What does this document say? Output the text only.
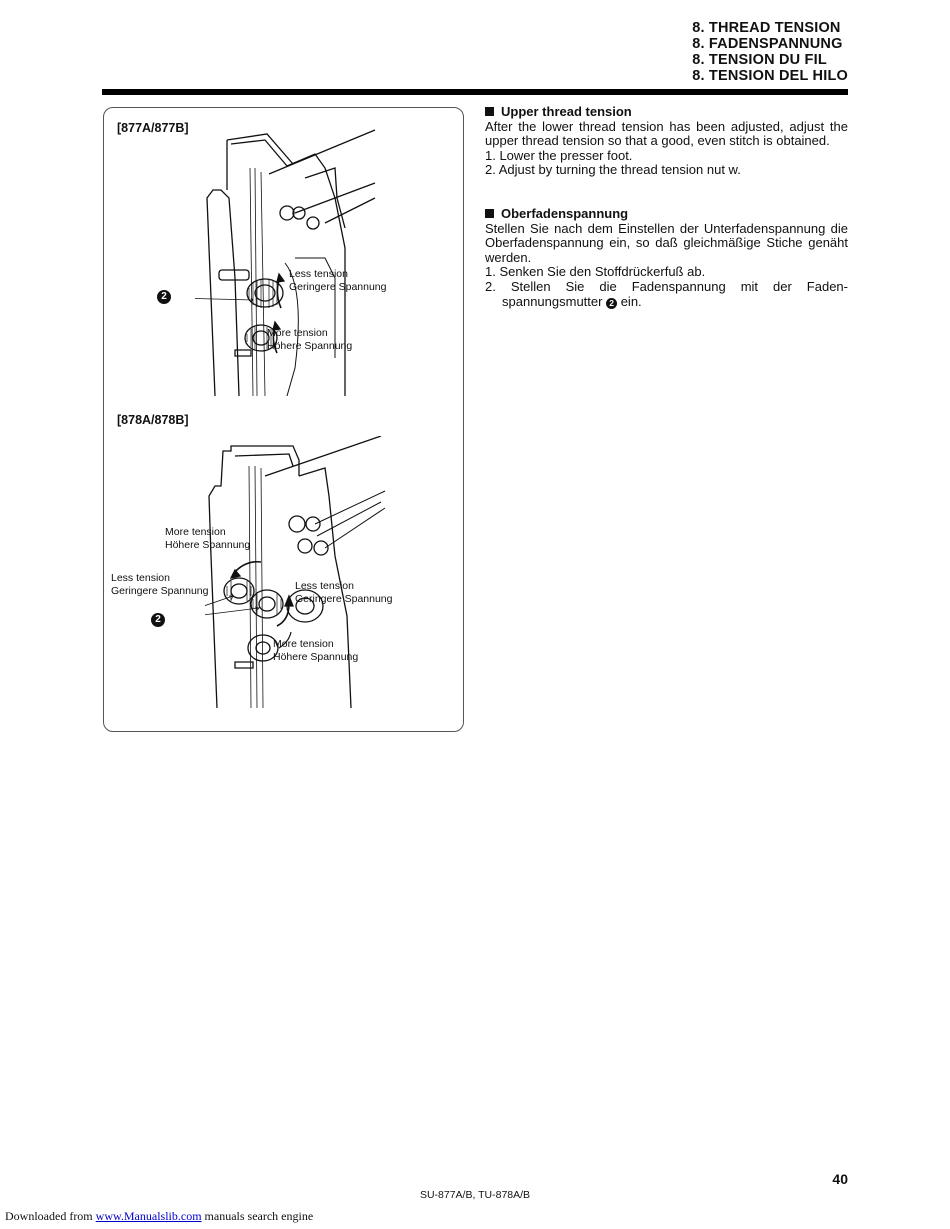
8. THREAD TENSION
8. FADENSPANNUNG
8. TENSION DU FIL
8. TENSION DEL HILO
[877A/877B]
2
Less tension
Geringere Spannung
More tension
Höhere Spannung
[878A/878B]
2
More tension
Höhere Spannung
Less tension
Geringere Spannung	Less tension
Geringere Spannung
More tension
Höhere Spannung
Upper thread tension
After the lower thread tension has been adjusted, adjust the upper thread tension so that a good, even stitch is obtained.
1. Lower the presser foot.
2. Adjust by turning the thread tension nut w.
Oberfadenspannung
Stellen Sie nach dem Einstellen der Unterfadenspannung die Oberfadenspannung ein, so daß gleichmäßige Stiche genäht werden.
1. Senken Sie den Stoffdrückerfuß ab.
2. Stellen Sie die Fadenspannung mit der Faden-spannungsmutter 2 ein.
40
SU-877A/B, TU-878A/B
Downloaded from www.Manualslib.com manuals search engine
